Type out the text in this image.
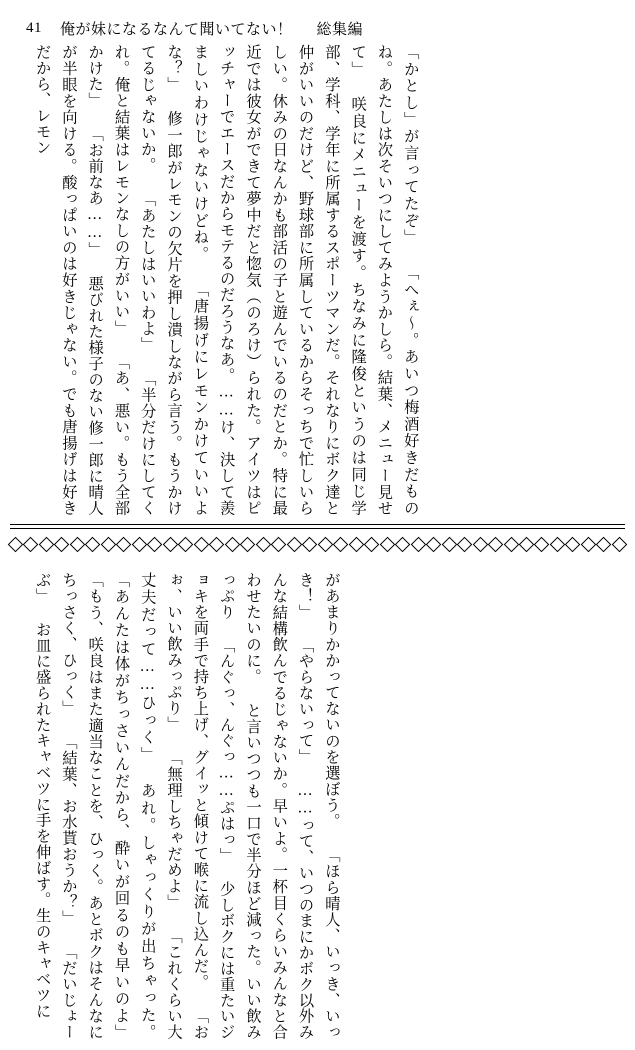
41 俺が妹になるなんて聞いてない！ 総集編

「かとし」が言ってたぞ」 「へぇ～。あいつ梅酒好きだものね。あたしは次そいつにしてみようかしら。結葉、メニュー見せて」 咲良にメニューを渡す。ちなみに隆俊というのは同じ学部、学科、学年に所属するスポーツマンだ。それなりにボク達と仲がいいのだけど、野球部に所属しているからそっちで忙しいらしい。休みの日なんかも部活の子と遊んでいるのだとか。特に最近では彼女ができて夢中だと惚気（のろけ）られた。アイツはピッチャーでエースだからモテるのだろうなあ。……け、決して羨ましいわけじゃないけどね。 「唐揚げにレモンかけていいよな？」 修一郎がレモンの欠片を押し潰しながら言う。もうかけてるじゃないか。 「あたしはいいわよ」 「半分だけにしてくれ。俺と結葉はレモンなしの方がいい」 「あ、悪い。もう全部かけた」 「お前なあ……」 悪びれた様子のない修一郎に晴人が半眼を向ける。酸っぱいのは好きじゃない。でも唐揚げは好きだから、レモン

があまりかかってないのを選ぼう。 「ほら晴人、いっき、いっき！」 「やらないって」 ……って、いつのまにかボク以外みんな結構飲んでるじゃないか。早いよ。一杯目くらいみんなと合わせたいのに。 と言いつつも一口で半分ほど減った。いい飲みっぷり 「んぐっ、んぐっ……ぷはっ」 少しボクには重たいジョキを両手で持ち上げ、グイッと傾けて喉に流し込んだ。 「おぉ、いい飲みっぷり」 「無理しちゃだめよ」 「これくらい大丈夫だって……ひっく」 あれ。しゃっくりが出ちゃった。 「あんたは体がちっさいんだから、酔いが回るのも早いのよ」 「もう、咲良はまた適当なことを、ひっく。あとボクはそんなにちっさく、ひっく」 「結葉、お水貰おうか？」 「だいじょーぶ」 お皿に盛られたキャベツに手を伸ばす。生のキャベツに
